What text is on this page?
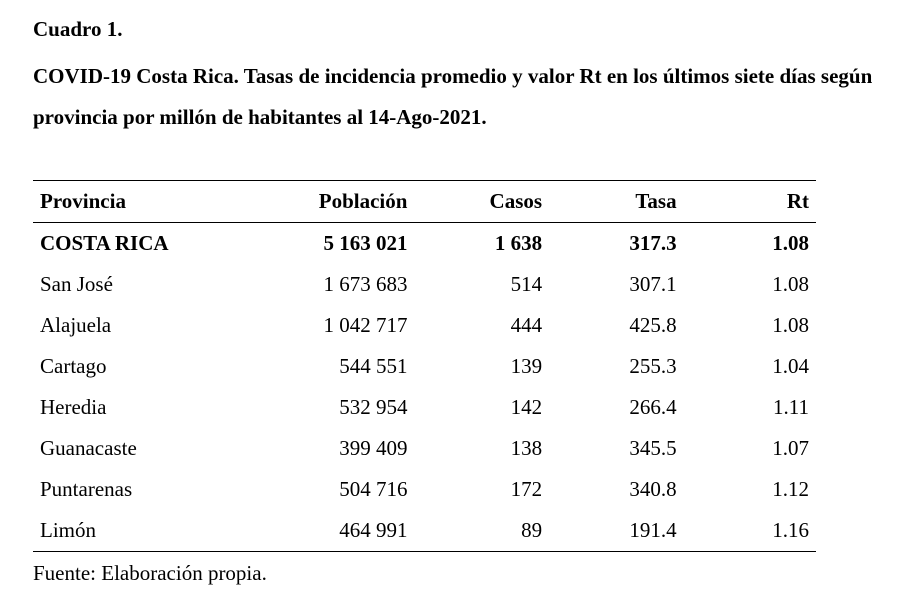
Cuadro 1.

COVID-19 Costa Rica. Tasas de incidencia promedio y valor Rt en los últimos siete días según provincia por millón de habitantes al 14-Ago-2021.

Provincia	Población	Casos	Tasa	Rt
COSTA RICA	5 163 021	1 638	317.3	1.08
San José	1 673 683	514	307.1	1.08
Alajuela	1 042 717	444	425.8	1.08
Cartago	544 551	139	255.3	1.04
Heredia	532 954	142	266.4	1.11
Guanacaste	399 409	138	345.5	1.07
Puntarenas	504 716	172	340.8	1.12
Limón	464 991	89	191.4	1.16
Fuente: Elaboración propia.
